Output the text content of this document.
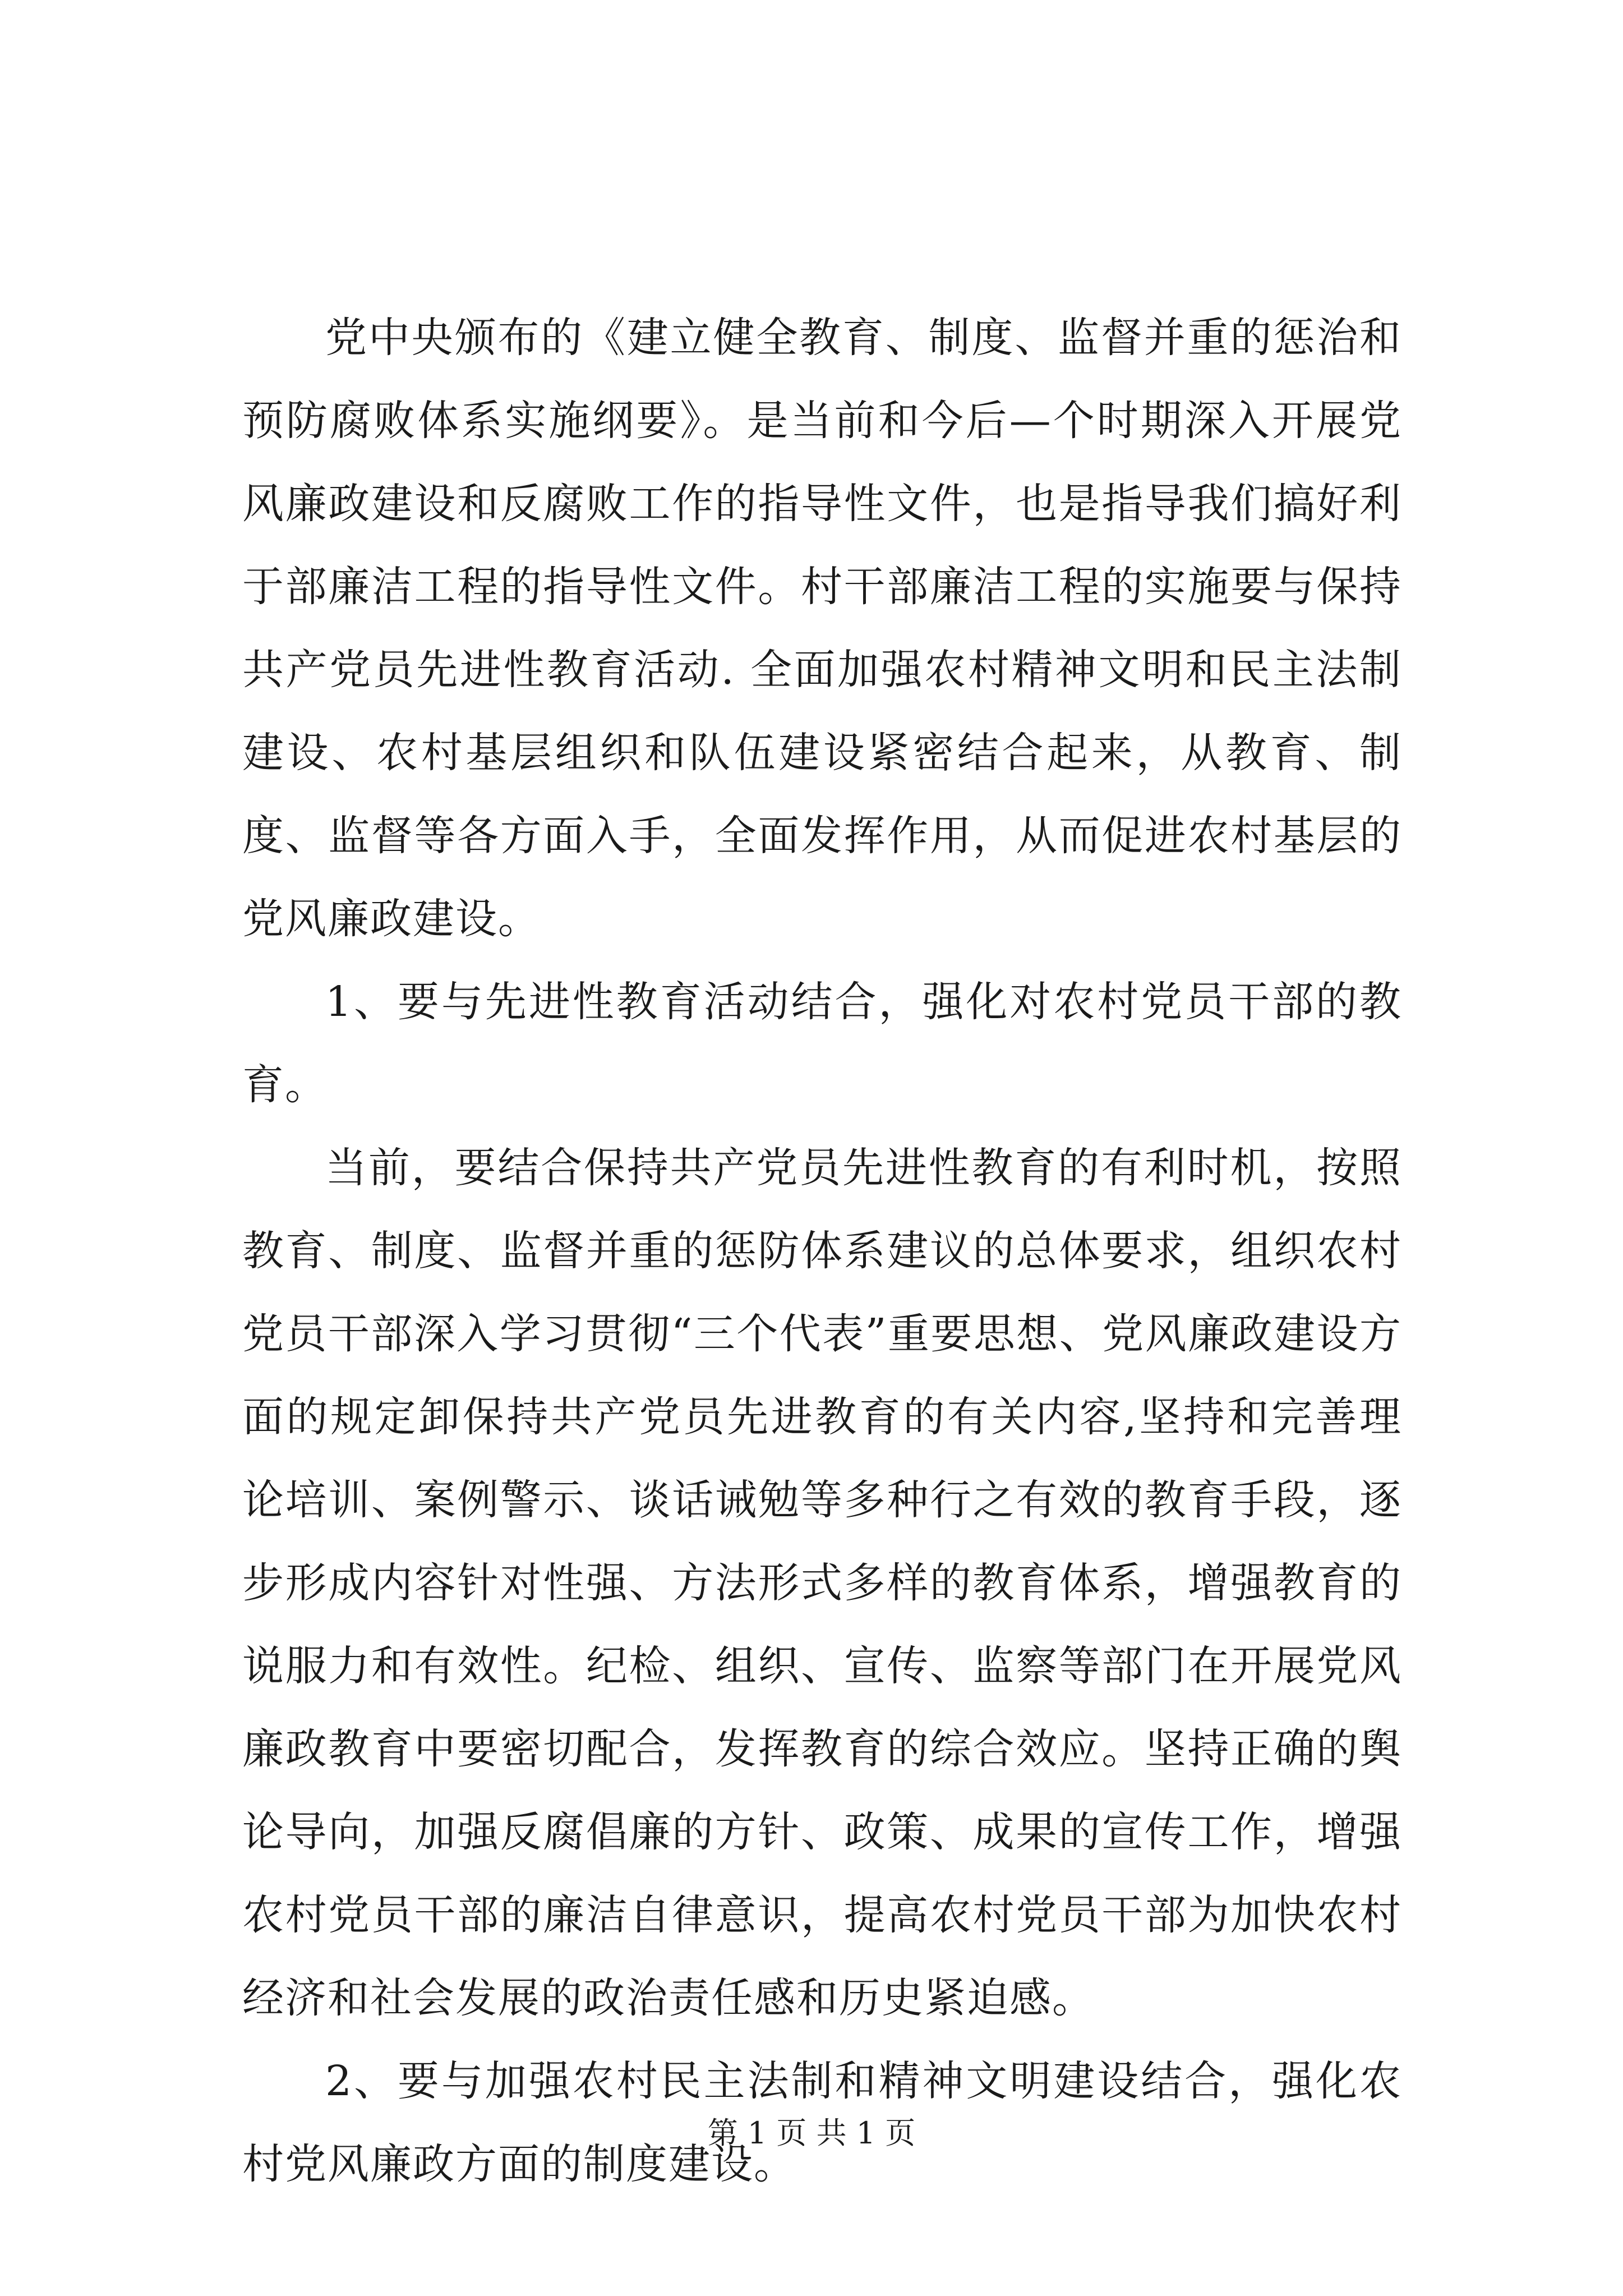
党中央颁布的《建立健全教育、制度、监督并重的惩治和预防腐败体系实施纲要》。是当前和今后—个时期深入开展党风廉政建设和反腐败工作的指导性文件，也是指导我们搞好利于部廉洁工程的指导性文件。村干部廉洁工程的实施要与保持共产党员先进性教育活动. 全面加强农村精神文明和民主法制建设、农村基层组织和队伍建设紧密结合起来，从教育、制度、监督等各方面入手，全面发挥作用，从而促进农村基层的党风廉政建设。

1、要与先进性教育活动结合，强化对农村党员干部的教育。

当前，要结合保持共产党员先进性教育的有利时机，按照教育、制度、监督并重的惩防体系建议的总体要求，组织农村党员干部深入学习贯彻“三个代表”重要思想、党风廉政建设方面的规定卸保持共产党员先进教育的有关内容,坚持和完善理论培训、案例警示、谈话诫勉等多种行之有效的教育手段，逐步形成内容针对性强、方法形式多样的教育体系，增强教育的说服力和有效性。纪检、组织、宣传、监察等部门在开展党风廉政教育中要密切配合，发挥教育的综合效应。坚持正确的舆论导向，加强反腐倡廉的方针、政策、成果的宣传工作，增强农村党员干部的廉洁自律意识，提高农村党员干部为加快农村经济和社会发展的政治责任感和历史紧迫感。

2、要与加强农村民主法制和精神文明建设结合，强化农村党风廉政方面的制度建设。

第 1 页 共 1 页
